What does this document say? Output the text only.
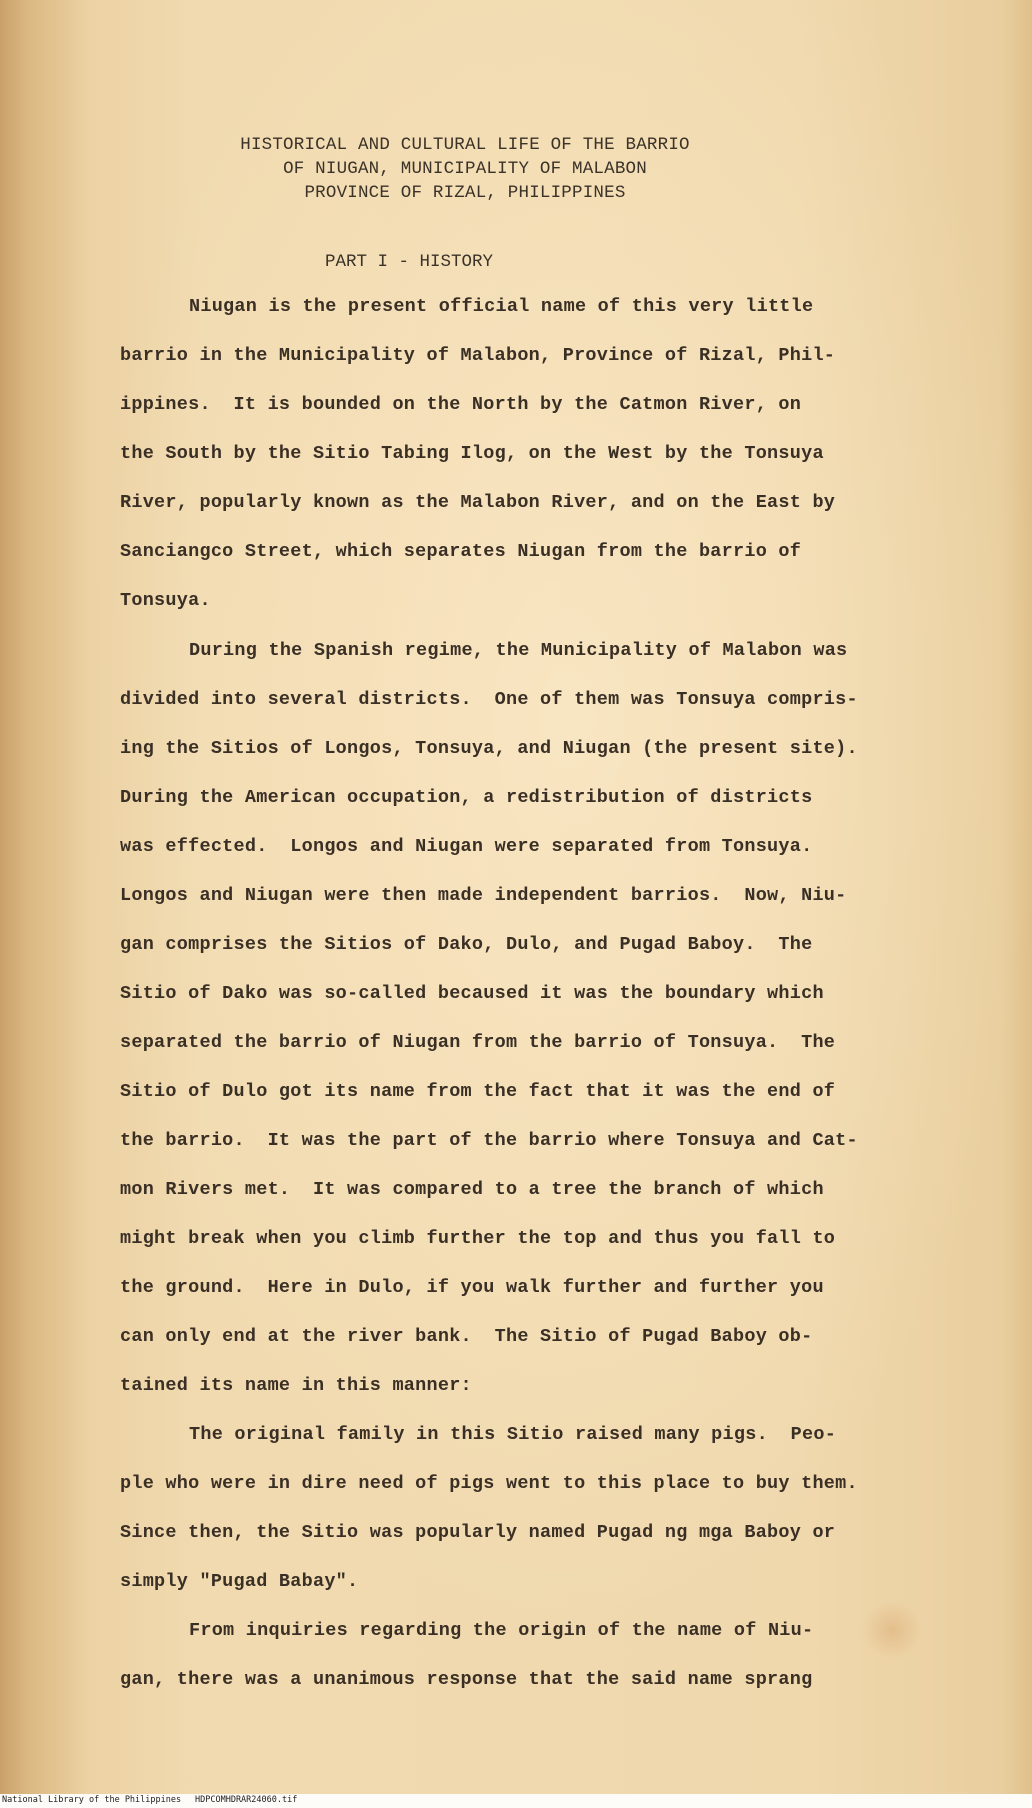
HISTORICAL AND CULTURAL LIFE OF THE BARRIO
OF NIUGAN, MUNICIPALITY OF MALABON
PROVINCE OF RIZAL, PHILIPPINES
PART I - HISTORY
Niugan is the present official name of this very little
barrio in the Municipality of Malabon, Province of Rizal, Phil-
ippines.  It is bounded on the North by the Catmon River, on
the South by the Sitio Tabing Ilog, on the West by the Tonsuya
River, popularly known as the Malabon River, and on the East by
Sanciangco Street, which separates Niugan from the barrio of
Tonsuya.
During the Spanish regime, the Municipality of Malabon was
divided into several districts.  One of them was Tonsuya compris-
ing the Sitios of Longos, Tonsuya, and Niugan (the present site).
During the American occupation, a redistribution of districts
was effected.  Longos and Niugan were separated from Tonsuya.
Longos and Niugan were then made independent barrios.  Now, Niu-
gan comprises the Sitios of Dako, Dulo, and Pugad Baboy.  The
Sitio of Dako was so-called becaused it was the boundary which
separated the barrio of Niugan from the barrio of Tonsuya.  The
Sitio of Dulo got its name from the fact that it was the end of
the barrio.  It was the part of the barrio where Tonsuya and Cat-
mon Rivers met.  It was compared to a tree the branch of which
might break when you climb further the top and thus you fall to
the ground.  Here in Dulo, if you walk further and further you
can only end at the river bank.  The Sitio of Pugad Baboy ob-
tained its name in this manner:
The original family in this Sitio raised many pigs.  Peo-
ple who were in dire need of pigs went to this place to buy them.
Since then, the Sitio was popularly named Pugad ng mga Baboy or
simply "Pugad Babay".
From inquiries regarding the origin of the name of Niu-
gan, there was a unanimous response that the said name sprang
National Library of the Philippines HDPCOMHDRAR24060.tif
